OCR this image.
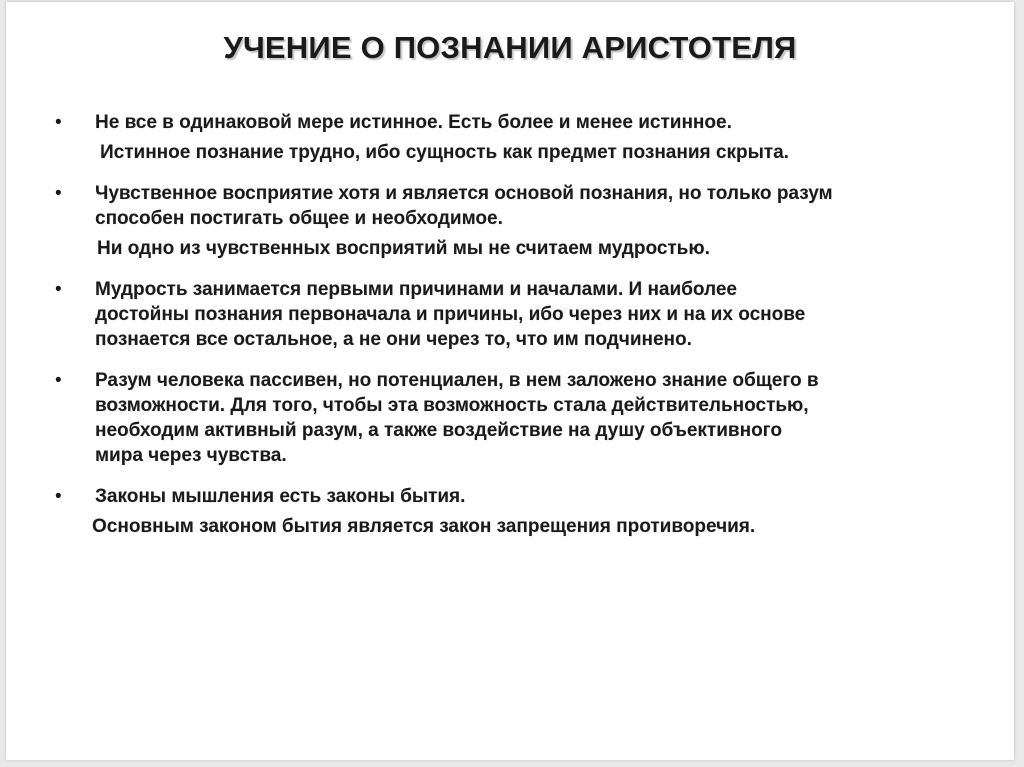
УЧЕНИЕ О ПОЗНАНИИ АРИСТОТЕЛЯ
•	Не все в одинаковой мере истинное. Есть более и менее истинное.
Истинное познание трудно, ибо сущность как предмет познания скрыта.
•	Чувственное восприятие хотя и является основой познания, но только разум
способен постигать общее и необходимое.
Ни одно из чувственных восприятий мы не считаем мудростью.
•	Мудрость занимается первыми причинами и началами. И наиболее
достойны познания первоначала и причины, ибо через них и на их основе
познается все остальное, а не они через то, что им подчинено.
•	Разум человека пассивен, но потенциален, в нем заложено знание общего в
возможности. Для того, чтобы эта возможность стала действительностью,
необходим активный разум, а также воздействие на душу объективного
мира через чувства.
•	Законы мышления есть законы бытия.
Основным законом бытия является закон запрещения противоречия.
